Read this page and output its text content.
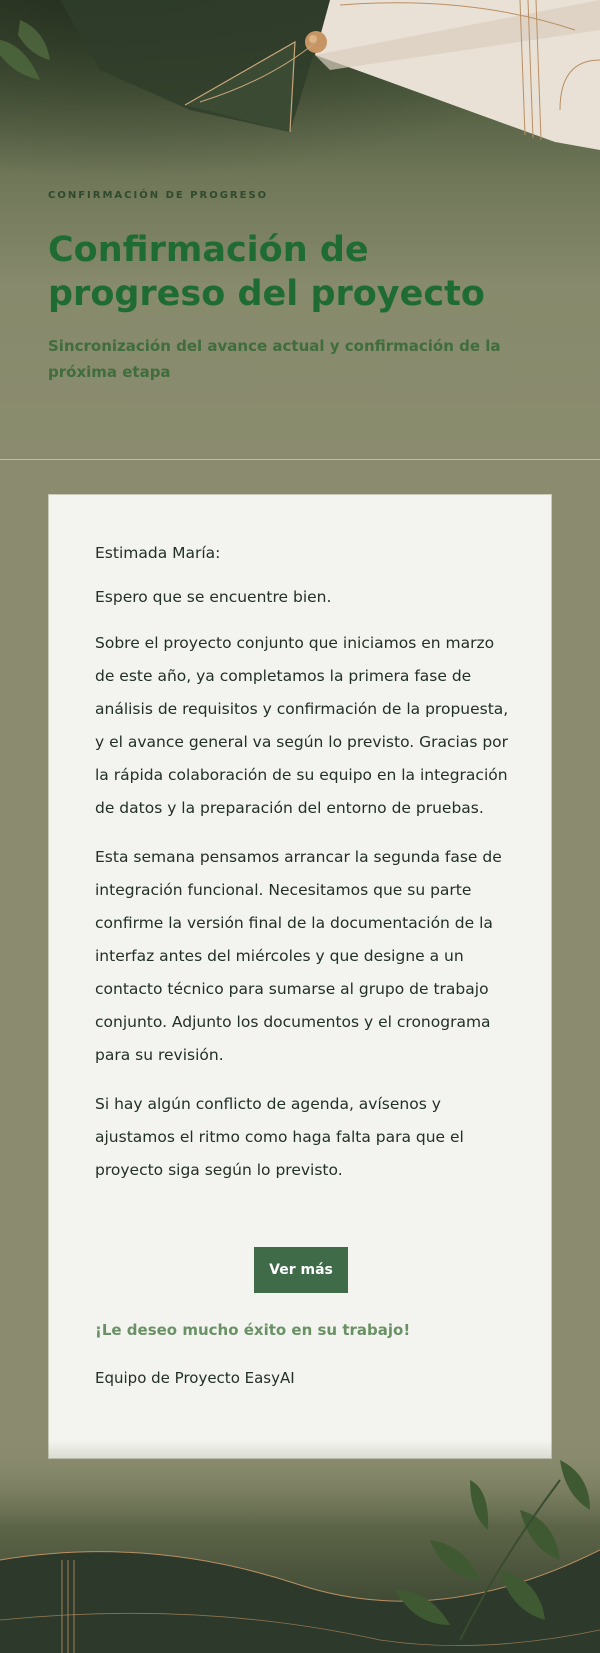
CONFIRMACIÓN DE PROGRESO
Confirmación de progreso del proyecto
Sincronización del avance actual y confirmación de la próxima etapa

Estimada María:

Espero que se encuentre bien.

Sobre el proyecto conjunto que iniciamos en marzo de este año, ya completamos la primera fase de análisis de requisitos y confirmación de la propuesta, y el avance general va según lo previsto. Gracias por la rápida colaboración de su equipo en la integración de datos y la preparación del entorno de pruebas.

Esta semana pensamos arrancar la segunda fase de integración funcional. Necesitamos que su parte confirme la versión final de la documentación de la interfaz antes del miércoles y que designe a un contacto técnico para sumarse al grupo de trabajo conjunto. Adjunto los documentos y el cronograma para su revisión.

Si hay algún conflicto de agenda, avísenos y ajustamos el ritmo como haga falta para que el proyecto siga según lo previsto.

Ver más
¡Le deseo mucho éxito en su trabajo!
Equipo de Proyecto EasyAI
